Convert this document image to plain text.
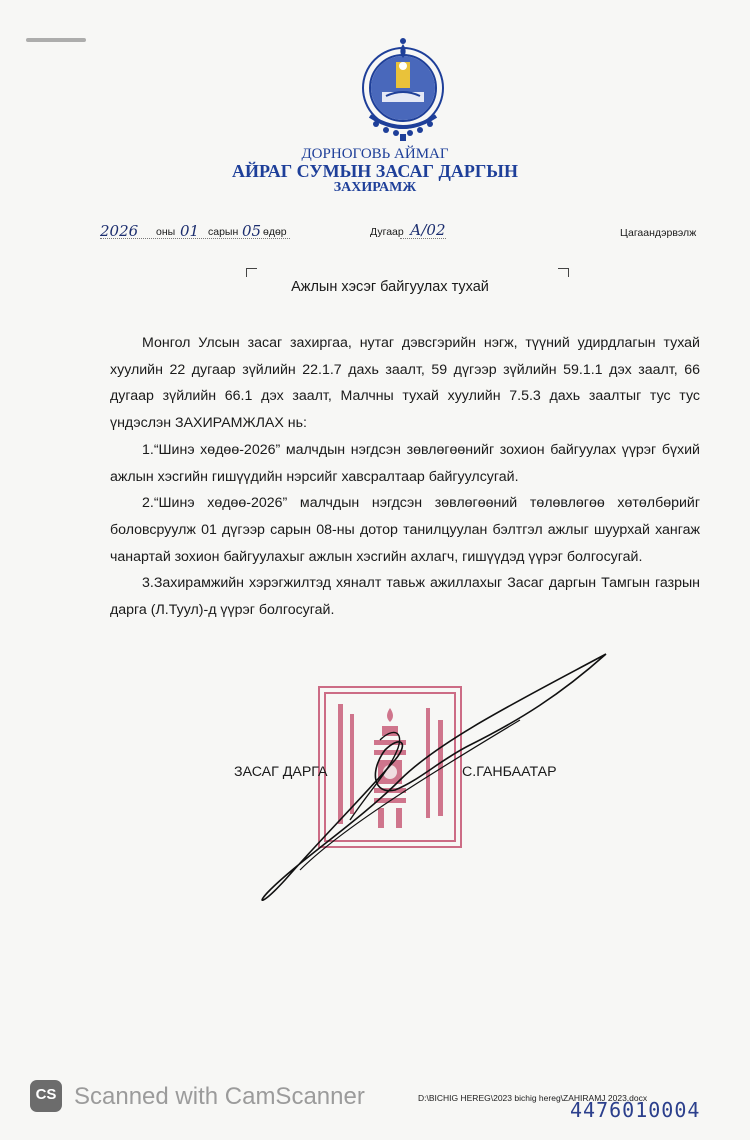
ДОРНОГОВЬ АЙМАГ
АЙРАГ СУМЫН ЗАСАГ ДАРГЫН
ЗАХИРАМЖ
2026 оны 01 сарын 05 өдөр	Дугаар А/02	Цагаандэрвэлж
Ажлын хэсэг байгуулах тухай

Монгол Улсын засаг захиргаа, нутаг дэвсгэрийн нэгж, түүний удирдлагын тухай хуулийн 22 дугаар зүйлийн 22.1.7 дахь заалт, 59 дүгээр зүйлийн 59.1.1 дэх заалт, 66 дугаар зүйлийн 66.1 дэх заалт, Малчны тухай хуулийн 7.5.3 дахь заалтыг тус тус үндэслэн ЗАХИРАМЖЛАХ нь:

1.“Шинэ хөдөө-2026” малчдын нэгдсэн зөвлөгөөнийг зохион байгуулах үүрэг бүхий ажлын хэсгийн гишүүдийн нэрсийг хавсралтаар байгуулсугай.

2.“Шинэ хөдөө-2026” малчдын нэгдсэн зөвлөгөөний төлөвлөгөө хөтөлбөрийг боловсруулж 01 дүгээр сарын 08-ны дотор танилцуулан бэлтгэл ажлыг шуурхай хангаж чанартай зохион байгуулахыг ажлын хэсгийн ахлагч, гишүүдэд үүрэг болгосугай.

3.Захирамжийн хэрэгжилтэд хяналт тавьж ажиллахыг Засаг даргын Тамгын газрын дарга (Л.Туул)-д үүрэг болгосугай.

ЗАСАГ ДАРГА	С.ГАНБААТАР
CS Scanned with CamScanner	D:\BICHIG HEREG\2023 bichig hereg\ZAHIRAMJ 2023.docx
4476010004
